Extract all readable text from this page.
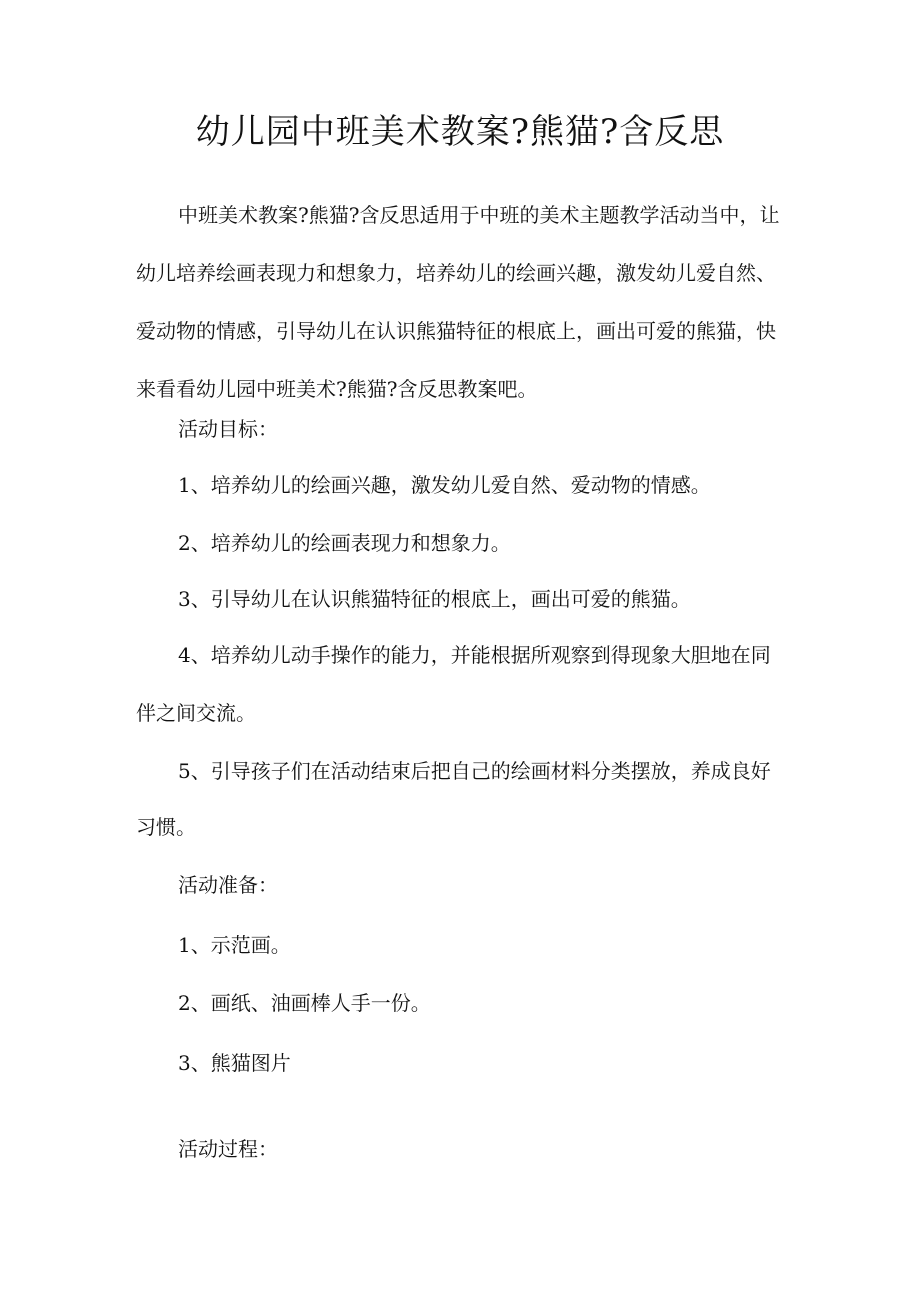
幼儿园中班美术教案?熊猫?含反思
中班美术教案?熊猫?含反思适用于中班的美术主题教学活动当中，让
幼儿培养绘画表现力和想象力，培养幼儿的绘画兴趣，激发幼儿爱自然、
爱动物的情感，引导幼儿在认识熊猫特征的根底上，画出可爱的熊猫，快
来看看幼儿园中班美术?熊猫?含反思教案吧。
活动目标：
1、培养幼儿的绘画兴趣，激发幼儿爱自然、爱动物的情感。
2、培养幼儿的绘画表现力和想象力。
3、引导幼儿在认识熊猫特征的根底上，画出可爱的熊猫。
4、培养幼儿动手操作的能力，并能根据所观察到得现象大胆地在同
伴之间交流。
5、引导孩子们在活动结束后把自己的绘画材料分类摆放，养成良好
习惯。
活动准备：
1、示范画。
2、画纸、油画棒人手一份。
3、熊猫图片
活动过程：
